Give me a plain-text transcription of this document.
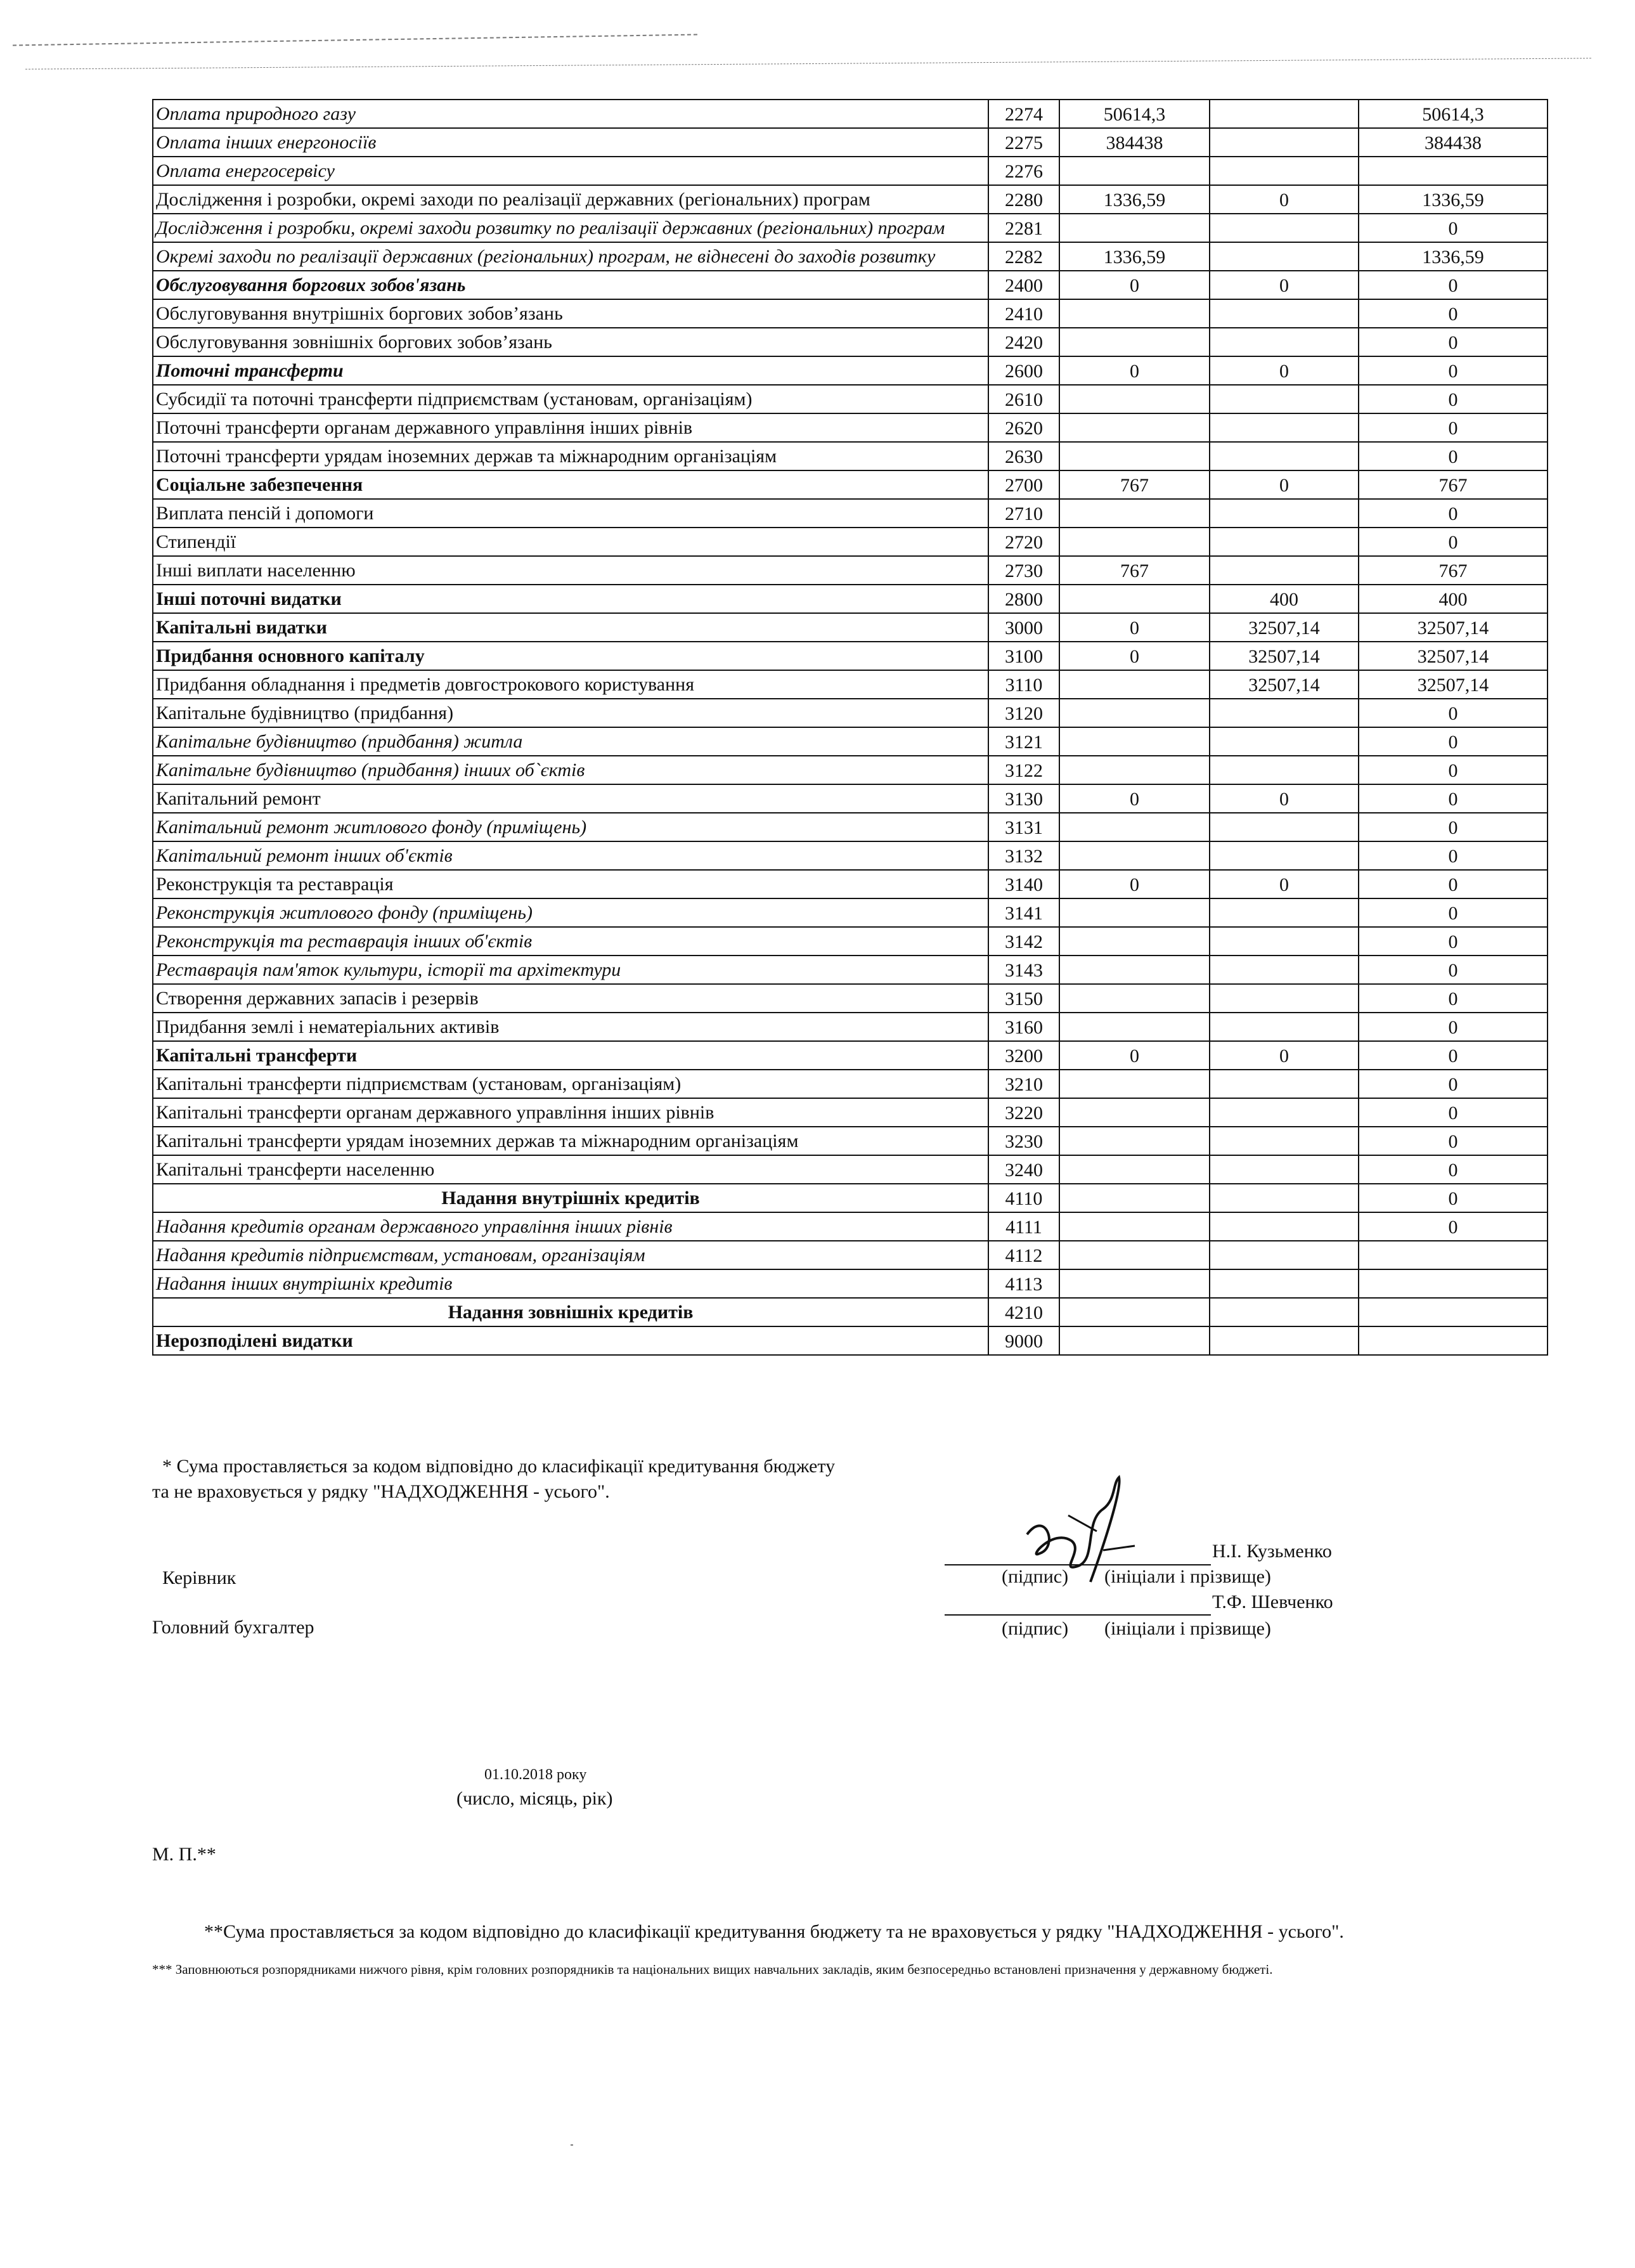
Оплата природного газу	2274	50614,3		50614,3
Оплата інших енергоносіїв	2275	384438		384438
Оплата енергосервісу	2276			
Дослідження і розробки, окремі заходи по реалізації державних (регіональних) програм	2280	1336,59	0	1336,59
Дослідження і розробки, окремі заходи розвитку по реалізації державних (регіональних) програм	2281			0
Окремі заходи по реалізації державних (регіональних) програм, не віднесені до заходів розвитку	2282	1336,59		1336,59
Обслуговування боргових зобов'язань	2400	0	0	0
Обслуговування внутрішніх боргових зобов’язань	2410			0
Обслуговування зовнішніх боргових зобов’язань	2420			0
Поточні трансферти	2600	0	0	0
Субсидії та поточні трансферти підприємствам (установам, організаціям)	2610			0
Поточні трансферти органам державного управління інших рівнів	2620			0
Поточні трансферти урядам іноземних держав та міжнародним організаціям	2630			0
Соціальне забезпечення	2700	767	0	767
Виплата пенсій і допомоги	2710			0
Стипендії	2720			0
Інші виплати населенню	2730	767		767
Інші поточні видатки	2800		400	400
Капітальні видатки	3000	0	32507,14	32507,14
Придбання основного капіталу	3100	0	32507,14	32507,14
Придбання обладнання і предметів довгострокового користування	3110		32507,14	32507,14
Капітальне будівництво (придбання)	3120			0
Капітальне будівництво (придбання) житла	3121			0
Капітальне будівництво (придбання) інших об`єктів	3122			0
Капітальний ремонт	3130	0	0	0
Капітальний ремонт житлового фонду (приміщень)	3131			0
Капітальний ремонт інших об'єктів	3132			0
Реконструкція та реставрація	3140	0	0	0
Реконструкція житлового фонду (приміщень)	3141			0
Реконструкція та реставрація інших об'єктів	3142			0
Реставрація пам'яток культури, історії та архітектури	3143			0
Створення державних запасів і резервів	3150			0
Придбання землі і нематеріальних активів	3160			0
Капітальні трансферти	3200	0	0	0
Капітальні трансферти підприємствам (установам, організаціям)	3210			0
Капітальні трансферти органам державного управління інших рівнів	3220			0
Капітальні трансферти урядам іноземних держав та міжнародним організаціям	3230			0
Капітальні трансферти населенню	3240			0
Надання внутрішніх кредитів	4110			0
Надання кредитів органам державного управління інших рівнів	4111			0
Надання кредитів підприємствам, установам, організаціям	4112			
Надання інших внутрішніх кредитів	4113			
Надання зовнішніх кредитів	4210			
Нерозподілені видатки	9000			
* Сума проставляється за кодом відповідно до класифікації кредитування бюджету
та не враховується у рядку "НАДХОДЖЕННЯ - усього".
Н.І. Кузьменко
Керівник	(підпис) (ініціали і прізвище)
Т.Ф. Шевченко
Головний бухгалтер	(підпис) (ініціали і прізвище)
01.10.2018 року
(число, місяць, рік)
М. П.**
**Сума проставляється за кодом відповідно до класифікації кредитування бюджету та не враховується у рядку "НАДХОДЖЕННЯ - усього".
*** Заповнюються розпорядниками нижчого рівня, крім головних розпорядників та національних вищих навчальних закладів, яким безпосередньо встановлені призначення у державному бюджеті.
